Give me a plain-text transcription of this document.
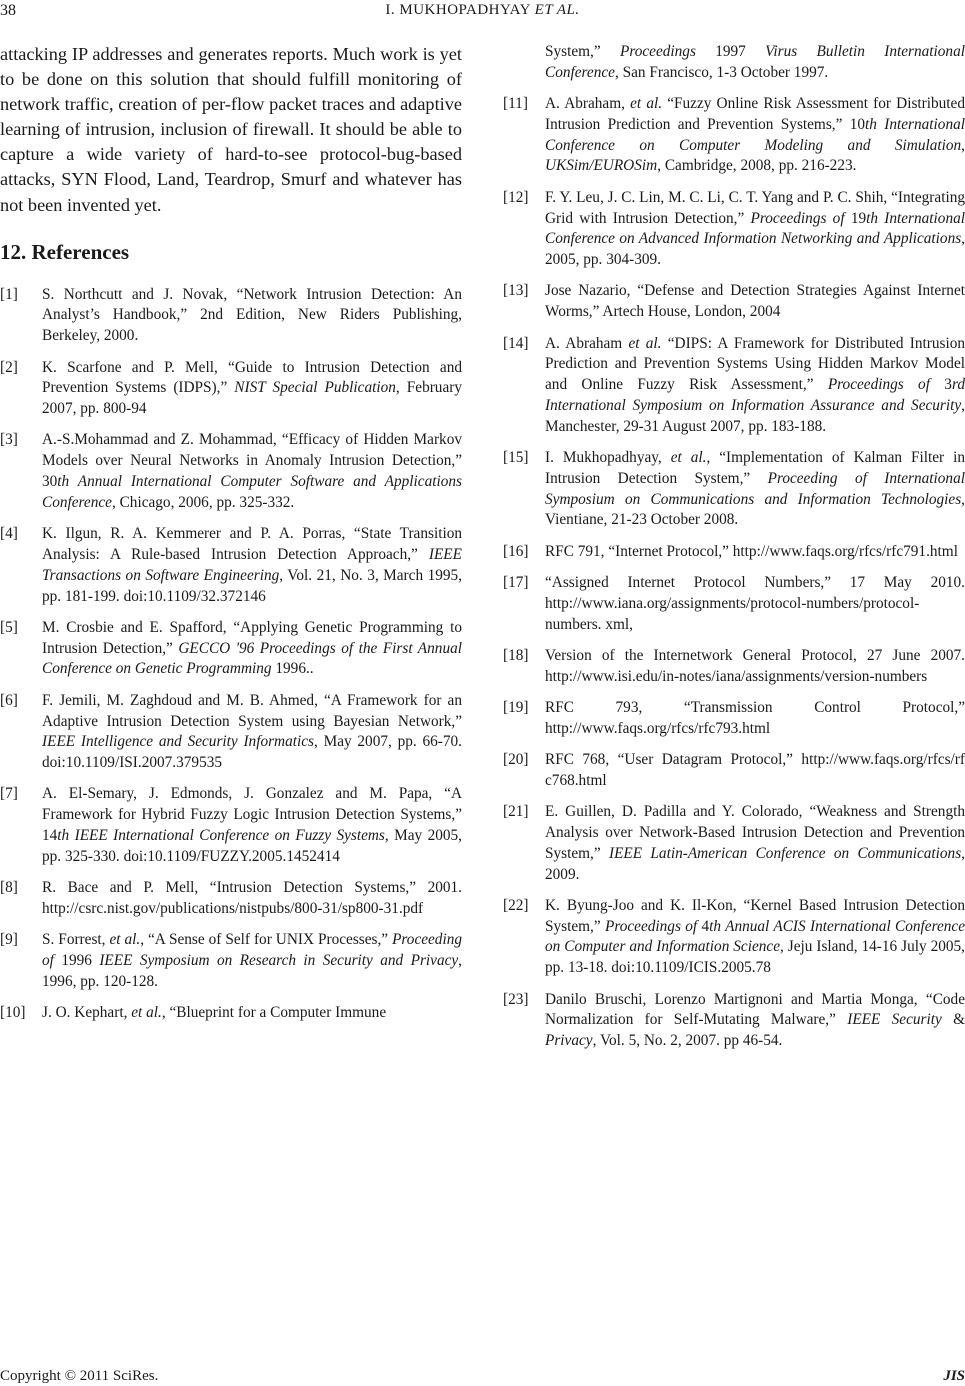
38	I. MUKHOPADHYAY ET AL.

attacking IP addresses and generates reports. Much work is yet to be done on this solution that should fulfill monitoring of network traffic, creation of per-flow packet traces and adaptive learning of intrusion, inclusion of firewall. It should be able to capture a wide variety of hard-to-see protocol-bug-based attacks, SYN Flood, Land, Teardrop, Smurf and whatever has not been invented yet.

12. References
[1]	S. Northcutt and J. Novak, “Network Intrusion Detection: An Analyst’s Handbook,” 2nd Edition, New Riders Publishing, Berkeley, 2000.
[2]	K. Scarfone and P. Mell, “Guide to Intrusion Detection and Prevention Systems (IDPS),” NIST Special Publication, February 2007, pp. 800-94
[3]	A.-S.Mohammad and Z. Mohammad, “Efficacy of Hidden Markov Models over Neural Networks in Anomaly Intrusion Detection,” 30th Annual International Computer Software and Applications Conference, Chicago, 2006, pp. 325-332.
[4]	K. Ilgun, R. A. Kemmerer and P. A. Porras, “State Transition Analysis: A Rule-based Intrusion Detection Approach,” IEEE Transactions on Software Engineering, Vol. 21, No. 3, March 1995, pp. 181-199. doi:10.1109/32.372146
[5]	M. Crosbie and E. Spafford, “Applying Genetic Programming to Intrusion Detection,” GECCO '96 Proceedings of the First Annual Conference on Genetic Programming 1996..
[6]	F. Jemili, M. Zaghdoud and M. B. Ahmed, “A Framework for an Adaptive Intrusion Detection System using Bayesian Network,” IEEE Intelligence and Security Informatics, May 2007, pp. 66-70. doi:10.1109/ISI.2007.379535
[7]	A. El-Semary, J. Edmonds, J. Gonzalez and M. Papa, “A Framework for Hybrid Fuzzy Logic Intrusion Detection Systems,” 14th IEEE International Conference on Fuzzy Systems, May 2005, pp. 325-330. doi:10.1109/FUZZY.2005.1452414
[8]	R. Bace and P. Mell, “Intrusion Detection Systems,” 2001. http://csrc.nist.gov/publications/nistpubs/800-31/sp800-31.pdf
[9]	S. Forrest, et al., “A Sense of Self for UNIX Processes,” Proceeding of 1996 IEEE Symposium on Research in Security and Privacy, 1996, pp. 120-128.
[10]	J. O. Kephart, et al., “Blueprint for a Computer Immune
System,” Proceedings 1997 Virus Bulletin International Conference, San Francisco, 1-3 October 1997.
[11]	A. Abraham, et al. “Fuzzy Online Risk Assessment for Distributed Intrusion Prediction and Prevention Systems,” 10th International Conference on Computer Modeling and Simulation, UKSim/EUROSim, Cambridge, 2008, pp. 216-223.
[12]	F. Y. Leu, J. C. Lin, M. C. Li, C. T. Yang and P. C. Shih, “Integrating Grid with Intrusion Detection,” Proceedings of 19th International Conference on Advanced Information Networking and Applications, 2005, pp. 304-309.
[13]	Jose Nazario, “Defense and Detection Strategies Against Internet Worms,” Artech House, London, 2004
[14]	A. Abraham et al. “DIPS: A Framework for Distributed Intrusion Prediction and Prevention Systems Using Hidden Markov Model and Online Fuzzy Risk Assessment,” Proceedings of 3rd International Symposium on Information Assurance and Security, Manchester, 29-31 August 2007, pp. 183-188.
[15]	I. Mukhopadhyay, et al., “Implementation of Kalman Filter in Intrusion Detection System,” Proceeding of International Symposium on Communications and Information Technologies, Vientiane, 21-23 October 2008.
[16]	RFC 791, “Internet Protocol,” http://www.faqs.org/rfcs/rfc791.html
[17]	“Assigned Internet Protocol Numbers,” 17 May 2010. http://www.iana.org/assignments/protocol-numbers/protocol-numbers. xml,
[18]	Version of the Internetwork General Protocol, 27 June 2007. http://www.isi.edu/in-notes/iana/assignments/version-numbers
[19]	RFC 793, “Transmission Control Protocol,” http://www.faqs.org/rfcs/rfc793.html
[20]	RFC 768, “User Datagram Protocol,” http://www.faqs.org/rfcs/rf c768.html
[21]	E. Guillen, D. Padilla and Y. Colorado, “Weakness and Strength Analysis over Network-Based Intrusion Detection and Prevention System,” IEEE Latin-American Conference on Communications, 2009.
[22]	K. Byung-Joo and K. Il-Kon, “Kernel Based Intrusion Detection System,” Proceedings of 4th Annual ACIS International Conference on Computer and Information Science, Jeju Island, 14-16 July 2005, pp. 13-18. doi:10.1109/ICIS.2005.78
[23]	Danilo Bruschi, Lorenzo Martignoni and Martia Monga, “Code Normalization for Self-Mutating Malware,” IEEE Security & Privacy, Vol. 5, No. 2, 2007. pp 46-54.
Copyright © 2011 SciRes.	JIS
